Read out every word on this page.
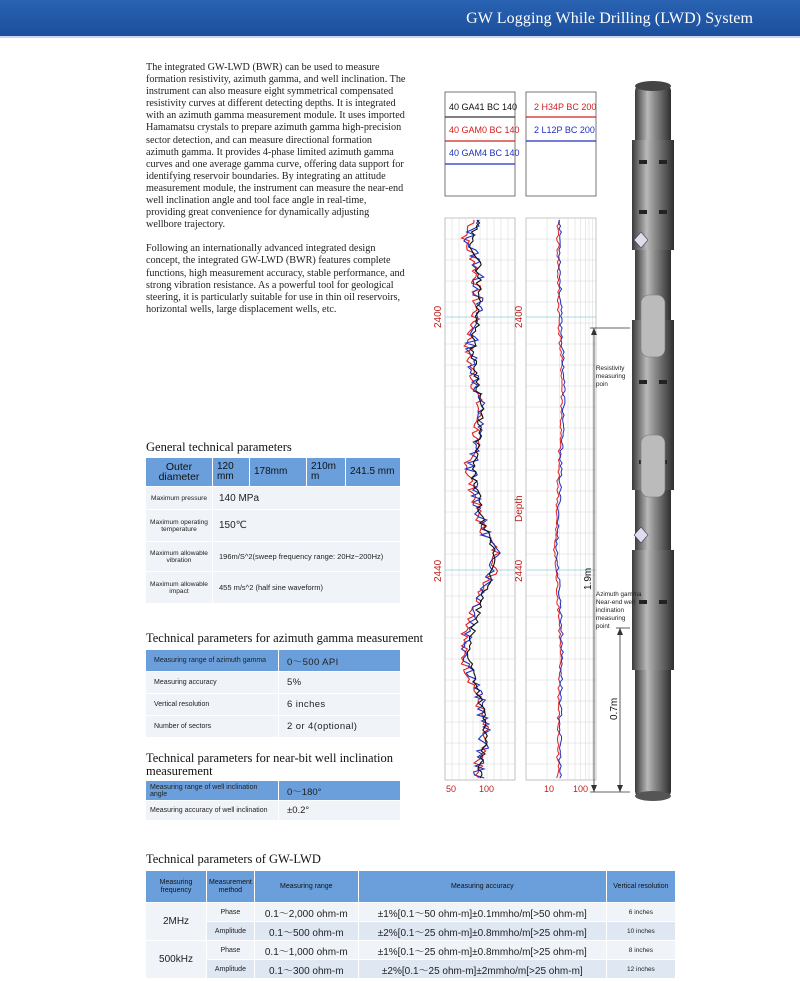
GW Logging While Drilling (LWD) System

The integrated GW-LWD (BWR) can be used to measure formation resistivity, azimuth gamma, and well inclination. The instrument can also measure eight symmetrical compensated resistivity curves at different detecting depths. It is integrated with an azimuth gamma measurement module. It uses imported Hamamatsu crystals to prepare azimuth gamma high-precision sector detection, and can measure directional formation azimuth gamma. It provides 4-phase limited azimuth gamma curves and one average gamma curve, offering data support for identifying reservoir boundaries. By integrating an attitude measurement module, the instrument can measure the near-end well inclination angle and tool face angle in real-time, providing great convenience for dynamically adjusting wellbore trajectory.

Following an internationally advanced integrated design concept, the integrated GW-LWD (BWR) features complete functions, high measurement accuracy, stable performance, and strong vibration resistance. As a powerful tool for geological steering, it is particularly suitable for use in thin oil reservoirs, horizontal wells, large displacement wells, etc.

General technical parameters
Outer diameter	120 mm	178mm	210m m	241.5 mm
Maximum pressure	140 MPa			
Maximum operating temperature	150℃			
Maximum allowable vibration	196m/S^2(sweep frequency range: 20Hz~200Hz)			
Maximum allowable impact	455 m/s^2 (half sine waveform)			
Technical parameters for azimuth gamma measurement
Measuring range of azimuth gamma	0～500 API
Measuring accuracy	5%
Vertical resolution	6 inches
Number of sectors	2 or 4(optional)
Technical parameters for near-bit well inclination measurement
Measuring range of well inclination angle	0～180°
Measuring accuracy of well inclination	±0.2°
Technical parameters of GW-LWD
Measuring frequency	Measurement method	Measuring range	Measuring accuracy	Vertical resolution
2MHz	Phase	0.1～2,000 ohm-m	±1%[0.1～50 ohm-m]±0.1mmho/m[>50 ohm-m]	6 inches
	Amplitude	0.1～500 ohm-m	±2%[0.1～25 ohm-m]±0.8mmho/m[>25 ohm-m]	10 inches
500kHz	Phase	0.1～1,000 ohm-m	±1%[0.1～25 ohm-m]±0.8mmho/m[>25 ohm-m]	8 inches
	Amplitude	0.1～300 ohm-m	±2%[0.1～25 ohm-m]±2mmho/m[>25 ohm-m]	12 inches
40 GA41 BC 140
40 GAM0 BC 140
40 GAM4 BC 140
2 H34P BC 200
2 L12P BC 200
2400	2400
2440	2440
Depth
50	100	10 100
Resistivity
measuring
poin
Azimuth gamma
Near-end well
inclination
measuring
point
1.9m
0.7m
